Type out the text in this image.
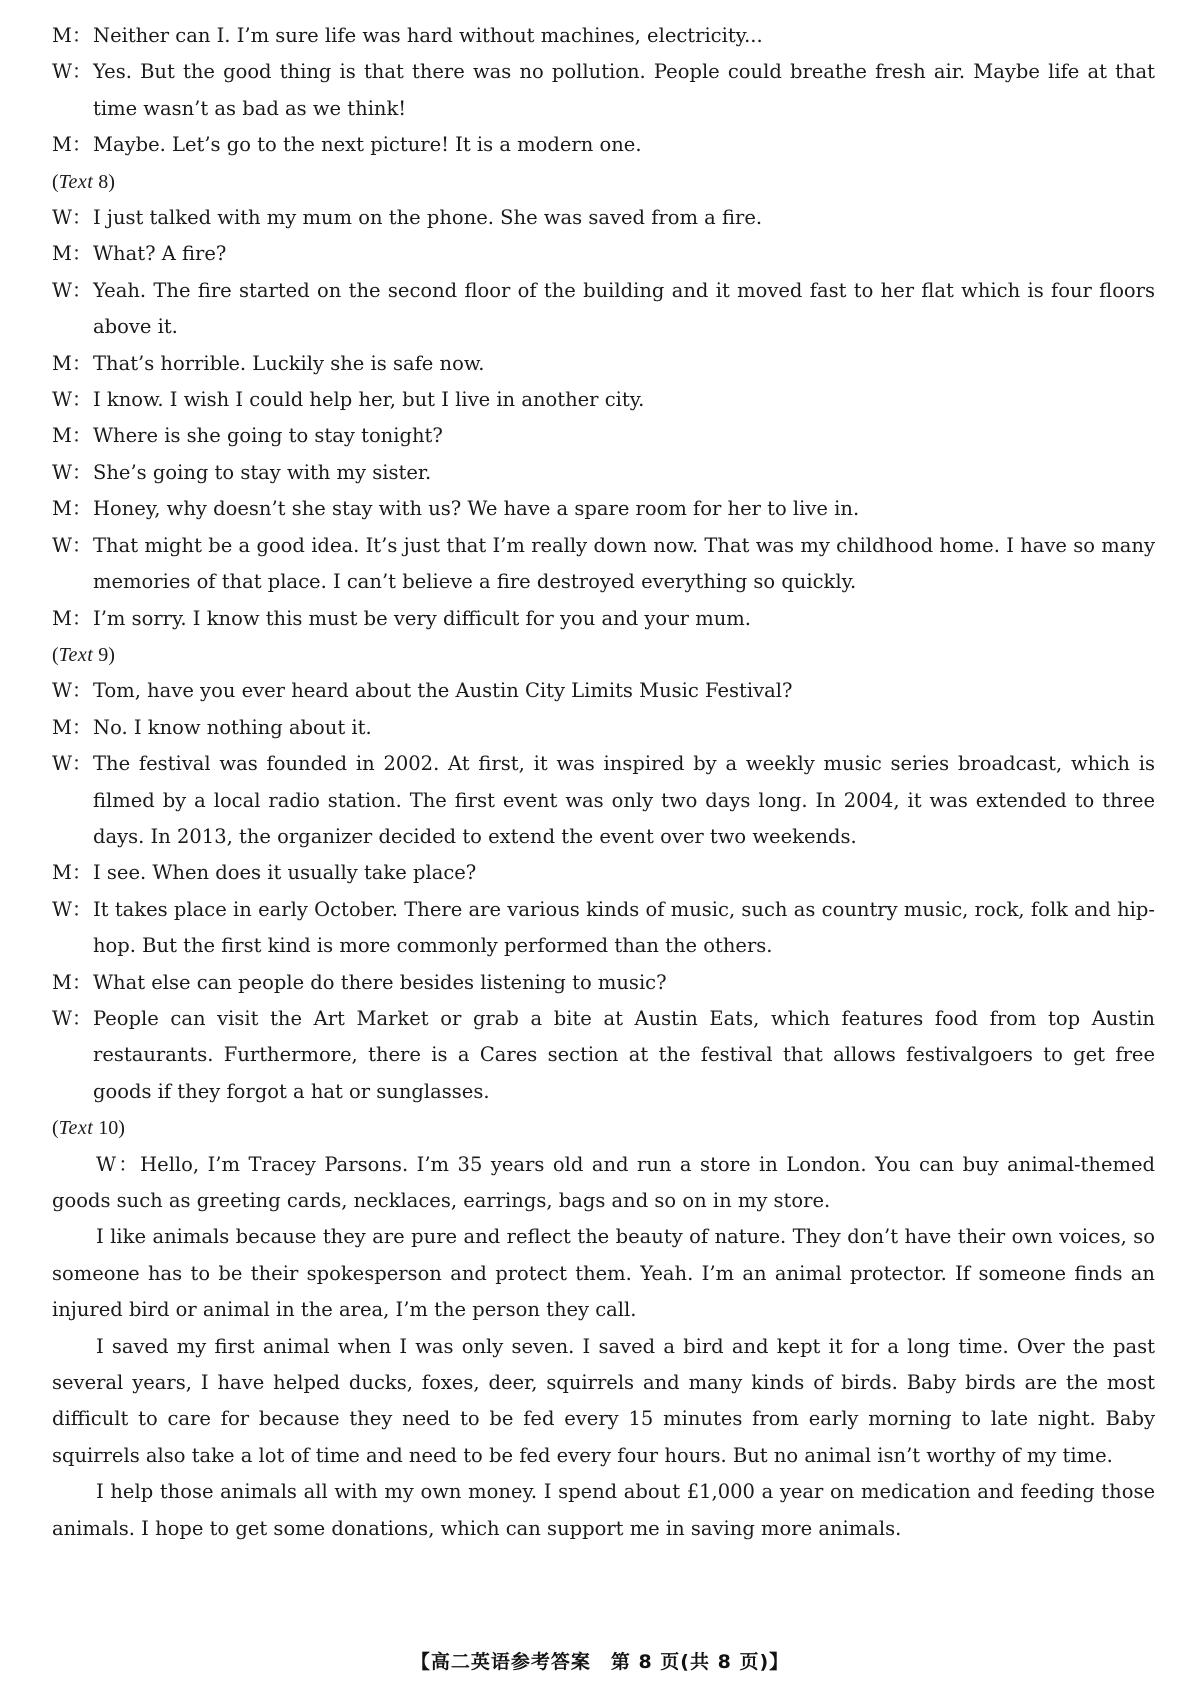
M： Neither can I. I’m sure life was hard without machines, electricity...
W： Yes. But the good thing is that there was no pollution. People could breathe fresh air. Maybe life at that time wasn’t as bad as we think!
M： Maybe. Let’s go to the next picture! It is a modern one.
(Text 8)
W： I just talked with my mum on the phone. She was saved from a fire.
M： What? A fire?
W： Yeah. The fire started on the second floor of the building and it moved fast to her flat which is four floors above it.
M： That’s horrible. Luckily she is safe now.
W： I know. I wish I could help her, but I live in another city.
M： Where is she going to stay tonight?
W： She’s going to stay with my sister.
M： Honey, why doesn’t she stay with us? We have a spare room for her to live in.
W： That might be a good idea. It’s just that I’m really down now. That was my childhood home. I have so many memories of that place. I can’t believe a fire destroyed everything so quickly.
M： I’m sorry. I know this must be very difficult for you and your mum.
(Text 9)
W： Tom, have you ever heard about the Austin City Limits Music Festival?
M： No. I know nothing about it.
W： The festival was founded in 2002. At first, it was inspired by a weekly music series broadcast, which is filmed by a local radio station. The first event was only two days long. In 2004, it was extended to three days. In 2013, the organizer decided to extend the event over two weekends.
M： I see. When does it usually take place?
W： It takes place in early October. There are various kinds of music, such as country music, rock, folk and hip-hop. But the first kind is more commonly performed than the others.
M： What else can people do there besides listening to music?
W： People can visit the Art Market or grab a bite at Austin Eats, which features food from top Austin restaurants. Furthermore, there is a Cares section at the festival that allows festivalgoers to get free goods if they forgot a hat or sunglasses.
(Text 10)

W：Hello, I’m Tracey Parsons. I’m 35 years old and run a store in London. You can buy animal-themed goods such as greeting cards, necklaces, earrings, bags and so on in my store.

I like animals because they are pure and reflect the beauty of nature. They don’t have their own voices, so someone has to be their spokesperson and protect them. Yeah. I’m an animal protector. If someone finds an injured bird or animal in the area, I’m the person they call.

I saved my first animal when I was only seven. I saved a bird and kept it for a long time. Over the past several years, I have helped ducks, foxes, deer, squirrels and many kinds of birds. Baby birds are the most difficult to care for because they need to be fed every 15 minutes from early morning to late night. Baby squirrels also take a lot of time and need to be fed every four hours. But no animal isn’t worthy of my time.

I help those animals all with my own money. I spend about £1,000 a year on medication and feeding those animals. I hope to get some donations, which can support me in saving more animals.

【高二英语参考答案　第 8 页(共 8 页)】
